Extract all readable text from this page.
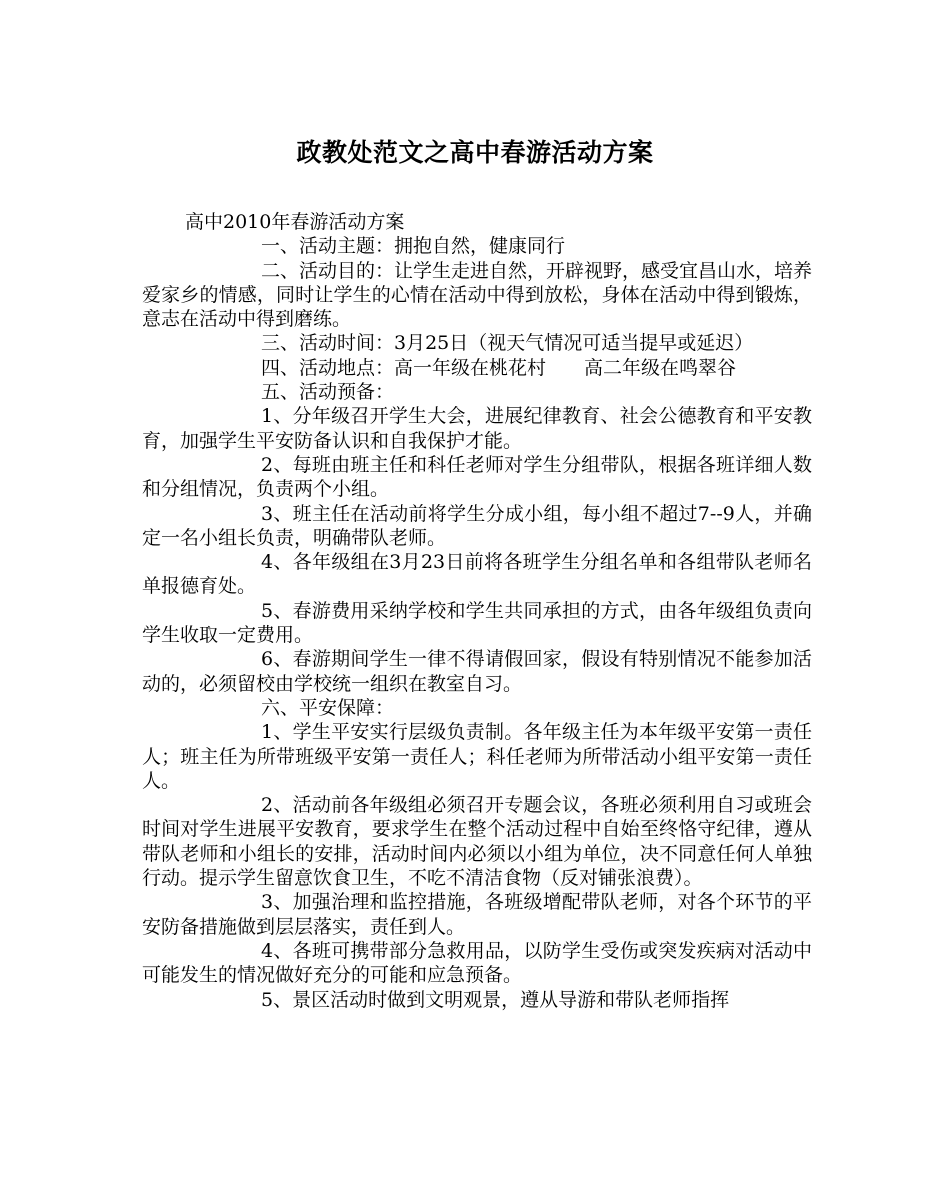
政教处范文之高中春游活动方案

高中2010年春游活动方案

一、活动主题：拥抱自然，健康同行

二、活动目的：让学生走进自然，开辟视野，感受宜昌山水，培养爱家乡的情感，同时让学生的心情在活动中得到放松，身体在活动中得到锻炼，意志在活动中得到磨练。

三、活动时间：3月25日（视天气情况可适当提早或延迟）

四、活动地点：高一年级在桃花村　　高二年级在鸣翠谷

五、活动预备：

1、分年级召开学生大会，进展纪律教育、社会公德教育和平安教育，加强学生平安防备认识和自我保护才能。

2、每班由班主任和科任老师对学生分组带队，根据各班详细人数和分组情况，负责两个小组。

3、班主任在活动前将学生分成小组，每小组不超过7--9人，并确定一名小组长负责，明确带队老师。

4、各年级组在3月23日前将各班学生分组名单和各组带队老师名单报德育处。

5、春游费用采纳学校和学生共同承担的方式，由各年级组负责向学生收取一定费用。

6、春游期间学生一律不得请假回家，假设有特别情况不能参加活动的，必须留校由学校统一组织在教室自习。

六、平安保障：

1、学生平安实行层级负责制。各年级主任为本年级平安第一责任人；班主任为所带班级平安第一责任人；科任老师为所带活动小组平安第一责任人。

2、活动前各年级组必须召开专题会议，各班必须利用自习或班会时间对学生进展平安教育，要求学生在整个活动过程中自始至终恪守纪律，遵从带队老师和小组长的安排，活动时间内必须以小组为单位，决不同意任何人单独行动。提示学生留意饮食卫生，不吃不清洁食物（反对铺张浪费）。

3、加强治理和监控措施，各班级增配带队老师，对各个环节的平安防备措施做到层层落实，责任到人。

4、各班可携带部分急救用品，以防学生受伤或突发疾病对活动中可能发生的情况做好充分的可能和应急预备。

5、景区活动时做到文明观景，遵从导游和带队老师指挥
